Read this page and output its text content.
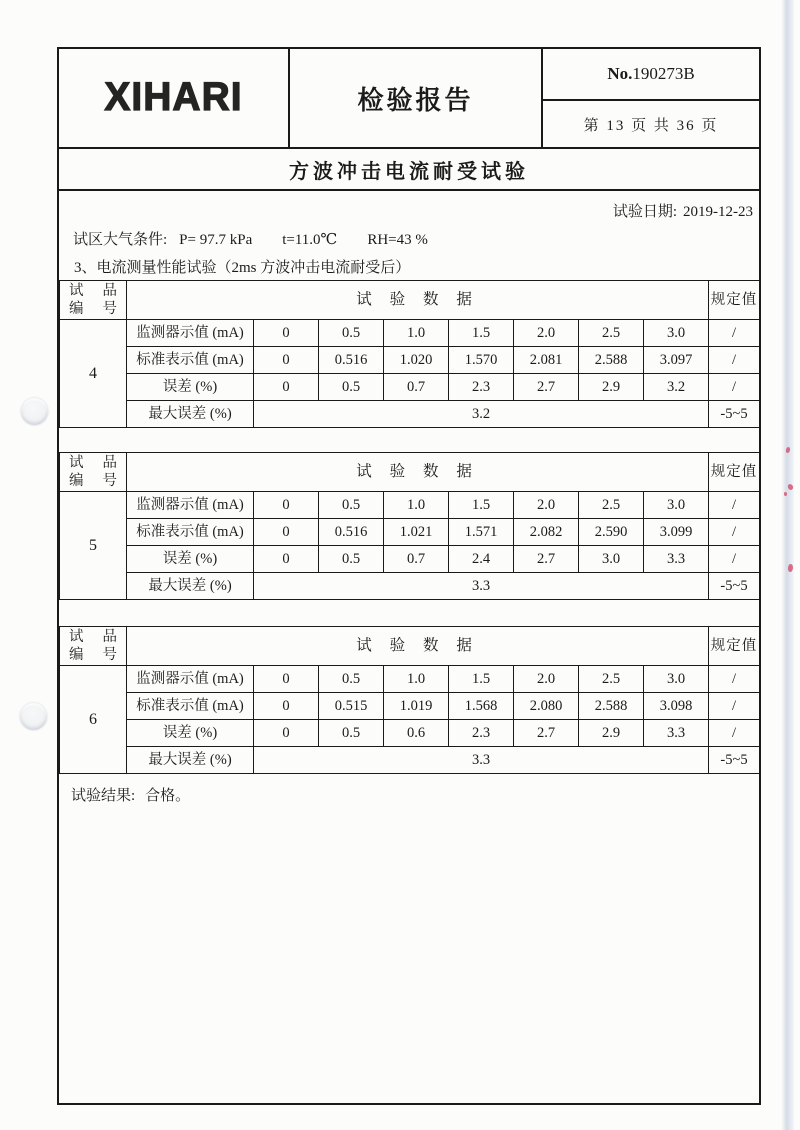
XIHARI	检验报告
No. 190273B
第 13 页 共 36 页
方波冲击电流耐受试验
试验日期: 2019-12-23
试区大气条件: P= 97.7 kPa t=11.0℃ RH=43 %
3、电流测量性能试验（2ms 方波冲击电流耐受后）
试 品
编 号	试 验 数 据								规定值
4	监测器示值 (mA)	0	0.5	1.0	1.5	2.0	2.5	3.0	/
	标准表示值 (mA)	0	0.516	1.020	1.570	2.081	2.588	3.097	/
	误差 (%)	0	0.5	0.7	2.3	2.7	2.9	3.2	/
	最大误差 (%)	3.2							-5~5
试 品
编 号	试 验 数 据								规定值
5	监测器示值 (mA)	0	0.5	1.0	1.5	2.0	2.5	3.0	/
	标准表示值 (mA)	0	0.516	1.021	1.571	2.082	2.590	3.099	/
	误差 (%)	0	0.5	0.7	2.4	2.7	3.0	3.3	/
	最大误差 (%)	3.3							-5~5
试 品
编 号	试 验 数 据								规定值
6	监测器示值 (mA)	0	0.5	1.0	1.5	2.0	2.5	3.0	/
	标准表示值 (mA)	0	0.515	1.019	1.568	2.080	2.588	3.098	/
	误差 (%)	0	0.5	0.6	2.3	2.7	2.9	3.3	/
	最大误差 (%)	3.3							-5~5
试验结果: 合格。
